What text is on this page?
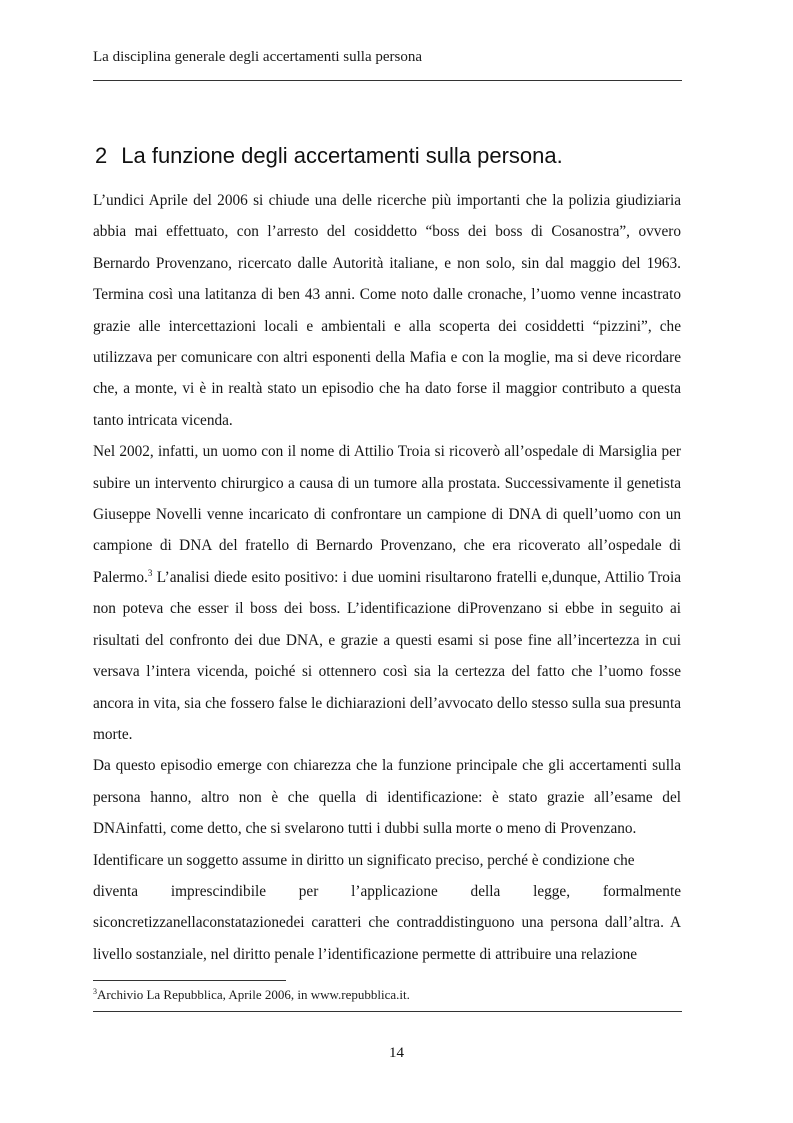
La disciplina generale degli accertamenti sulla persona
2 La funzione degli accertamenti sulla persona.

L’undici Aprile del 2006 si chiude una delle ricerche più importanti che la polizia giudiziaria abbia mai effettuato, con l’arresto del cosiddetto “boss dei boss di Cosanostra”, ovvero Bernardo Provenzano, ricercato dalle Autorità italiane, e non solo, sin dal maggio del 1963. Termina così una latitanza di ben 43 anni. Come noto dalle cronache, l’uomo venne incastrato grazie alle intercettazioni locali e ambientali e alla scoperta dei cosiddetti “pizzini”, che utilizzava per comunicare con altri esponenti della Mafia e con la moglie, ma si deve ricordare che, a monte, vi è in realtà stato un episodio che ha dato forse il maggior contributo a questa tanto intricata vicenda.

Nel 2002, infatti, un uomo con il nome di Attilio Troia si ricoverò all’ospedale di Marsiglia per subire un intervento chirurgico a causa di un tumore alla prostata. Successivamente il genetista Giuseppe Novelli venne incaricato di confrontare un campione di DNA di quell’uomo con un campione di DNA del fratello di Bernardo Provenzano, che era ricoverato all’ospedale di Palermo.$^3$ L’analisi diede esito positivo: i due uomini risultarono fratelli e,dunque, Attilio Troia non poteva che esser il boss dei boss. L’identificazione diProvenzano si ebbe in seguito ai risultati del confronto dei due DNA, e grazie a questi esami si pose fine all’incertezza in cui versava l’intera vicenda, poiché si ottennero così sia la certezza del fatto che l’uomo fosse ancora in vita, sia che fossero false le dichiarazioni dell’avvocato dello stesso sulla sua presunta morte.

Da questo episodio emerge con chiarezza che la funzione principale che gli accertamenti sulla persona hanno, altro non è che quella di identificazione: è stato grazie all’esame del DNAinfatti, come detto, che si svelarono tutti i dubbi sulla morte o meno di Provenzano.

Identificare un soggetto assume in diritto un significato preciso, perché è condizione che
diventa imprescindibile per l’applicazione della legge, formalmente
siconcretizzanellaconstatazionedei caratteri che contraddistinguono una persona dall’altra. A livello sostanziale, nel diritto penale l’identificazione permette di attribuire una relazione

$^3$Archivio La Repubblica, Aprile 2006, in www.repubblica.it.
14
